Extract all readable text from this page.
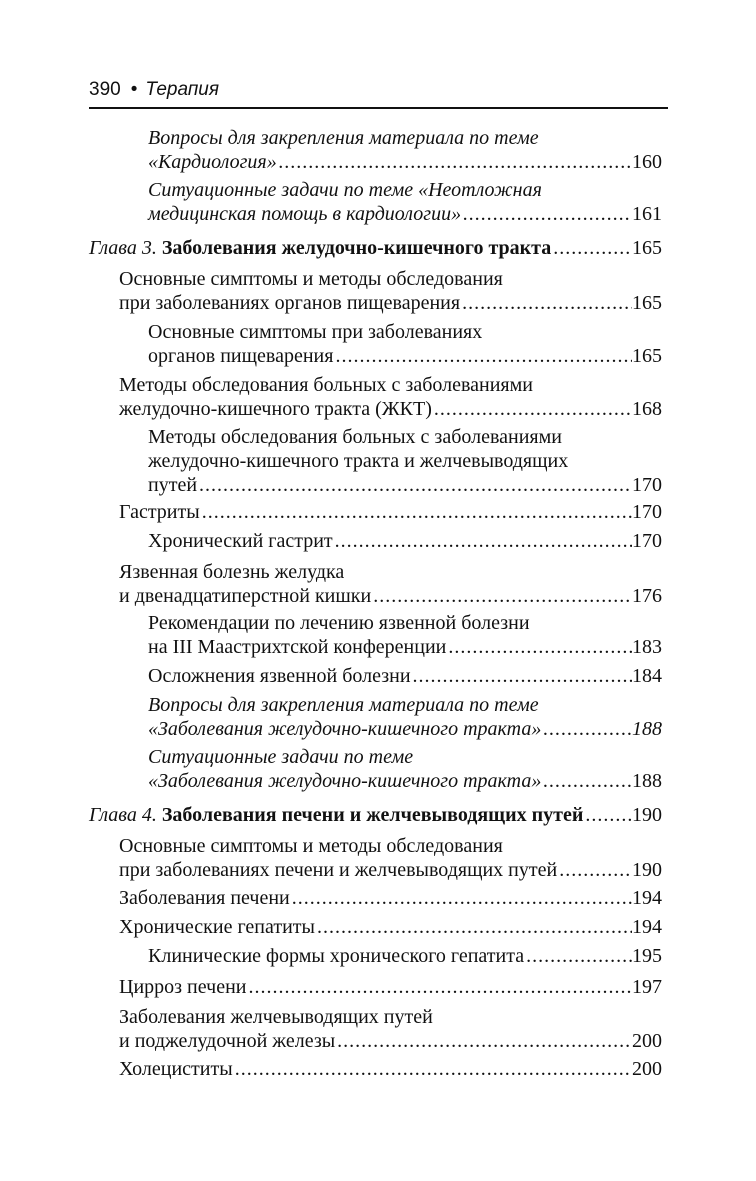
390 • Терапия
Вопросы для закрепления материала по теме
«Кардиология» .....	160
Ситуационные задачи по теме «Неотложная
медицинская помощь в кардиологии» .....	161
Глава 3. Заболевания желудочно-кишечного тракта .....	165
Основные симптомы и методы обследования
при заболеваниях органов пищеварения .....	165
Основные симптомы при заболеваниях
органов пищеварения .....	165
Методы обследования больных с заболеваниями
желудочно-кишечного тракта (ЖКТ) .....	168
Методы обследования больных с заболеваниями
желудочно-кишечного тракта и желчевыводящих
путей .....	170
Гастриты .....	170
Хронический гастрит .....	170
Язвенная болезнь желудка
и двенадцатиперстной кишки .....	176
Рекомендации по лечению язвенной болезни
на III Маастрихтской конференции .....	183
Осложнения язвенной болезни .....	184
Вопросы для закрепления материала по теме
«Заболевания желудочно-кишечного тракта» .....	188
Ситуационные задачи по теме
«Заболевания желудочно-кишечного тракта» .....	188
Глава 4. Заболевания печени и желчевыводящих путей ..... 190
Основные симптомы и методы обследования
при заболеваниях печени и желчевыводящих путей .....	190
Заболевания печени .....	194
Хронические гепатиты .....	194
Клинические формы хронического гепатита .....	195
Цирроз печени .....	197
Заболевания желчевыводящих путей
и поджелудочной железы .....	200
Холециститы .....	200
